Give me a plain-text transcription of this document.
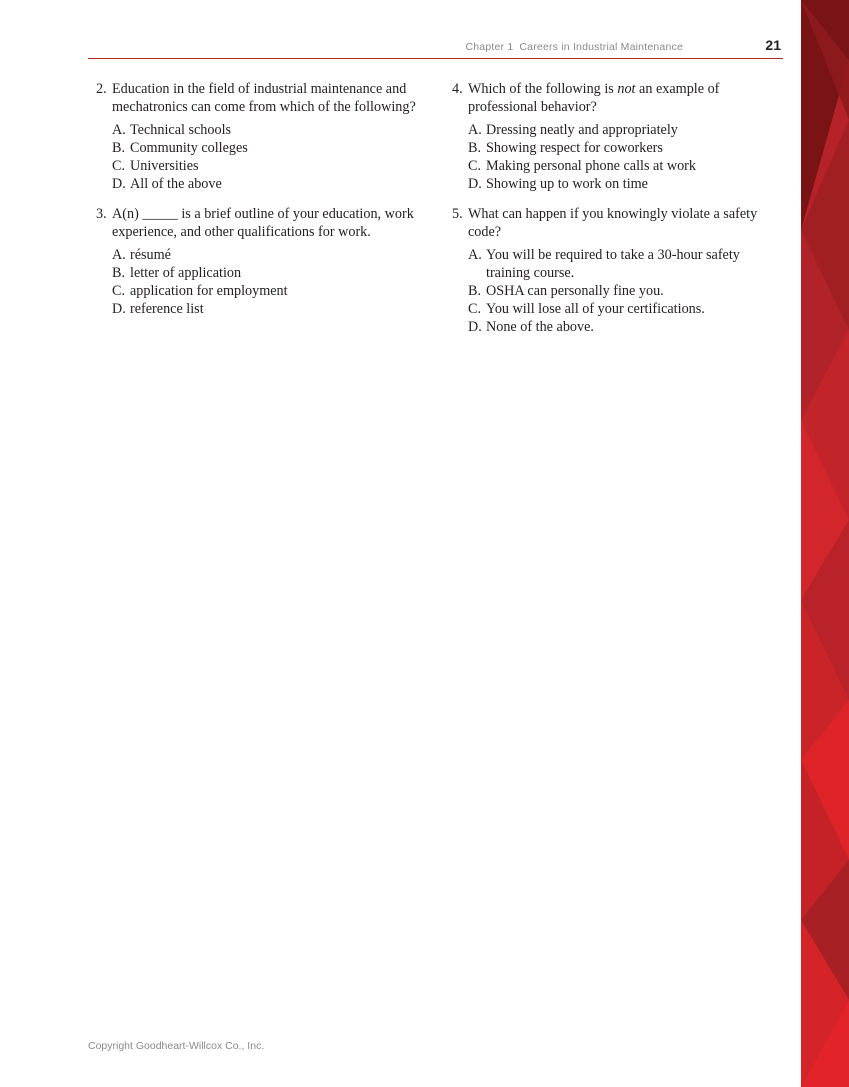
Chapter 1 Careers in Industrial Maintenance	21
2. Education in the field of industrial maintenance and mechatronics can come from which of the following?
A. Technical schools
B. Community colleges
C. Universities
D. All of the above
3. A(n) _____ is a brief outline of your education, work experience, and other qualifications for work.
A. résumé
B. letter of application
C. application for employment
D. reference list
4. Which of the following is not an example of professional behavior?
A. Dressing neatly and appropriately
B. Showing respect for coworkers
C. Making personal phone calls at work
D. Showing up to work on time
5. What can happen if you knowingly violate a safety code?
A. You will be required to take a 30-hour safety training course.
B. OSHA can personally fine you.
C. You will lose all of your certifications.
D. None of the above.
Copyright Goodheart-Willcox Co., Inc.
